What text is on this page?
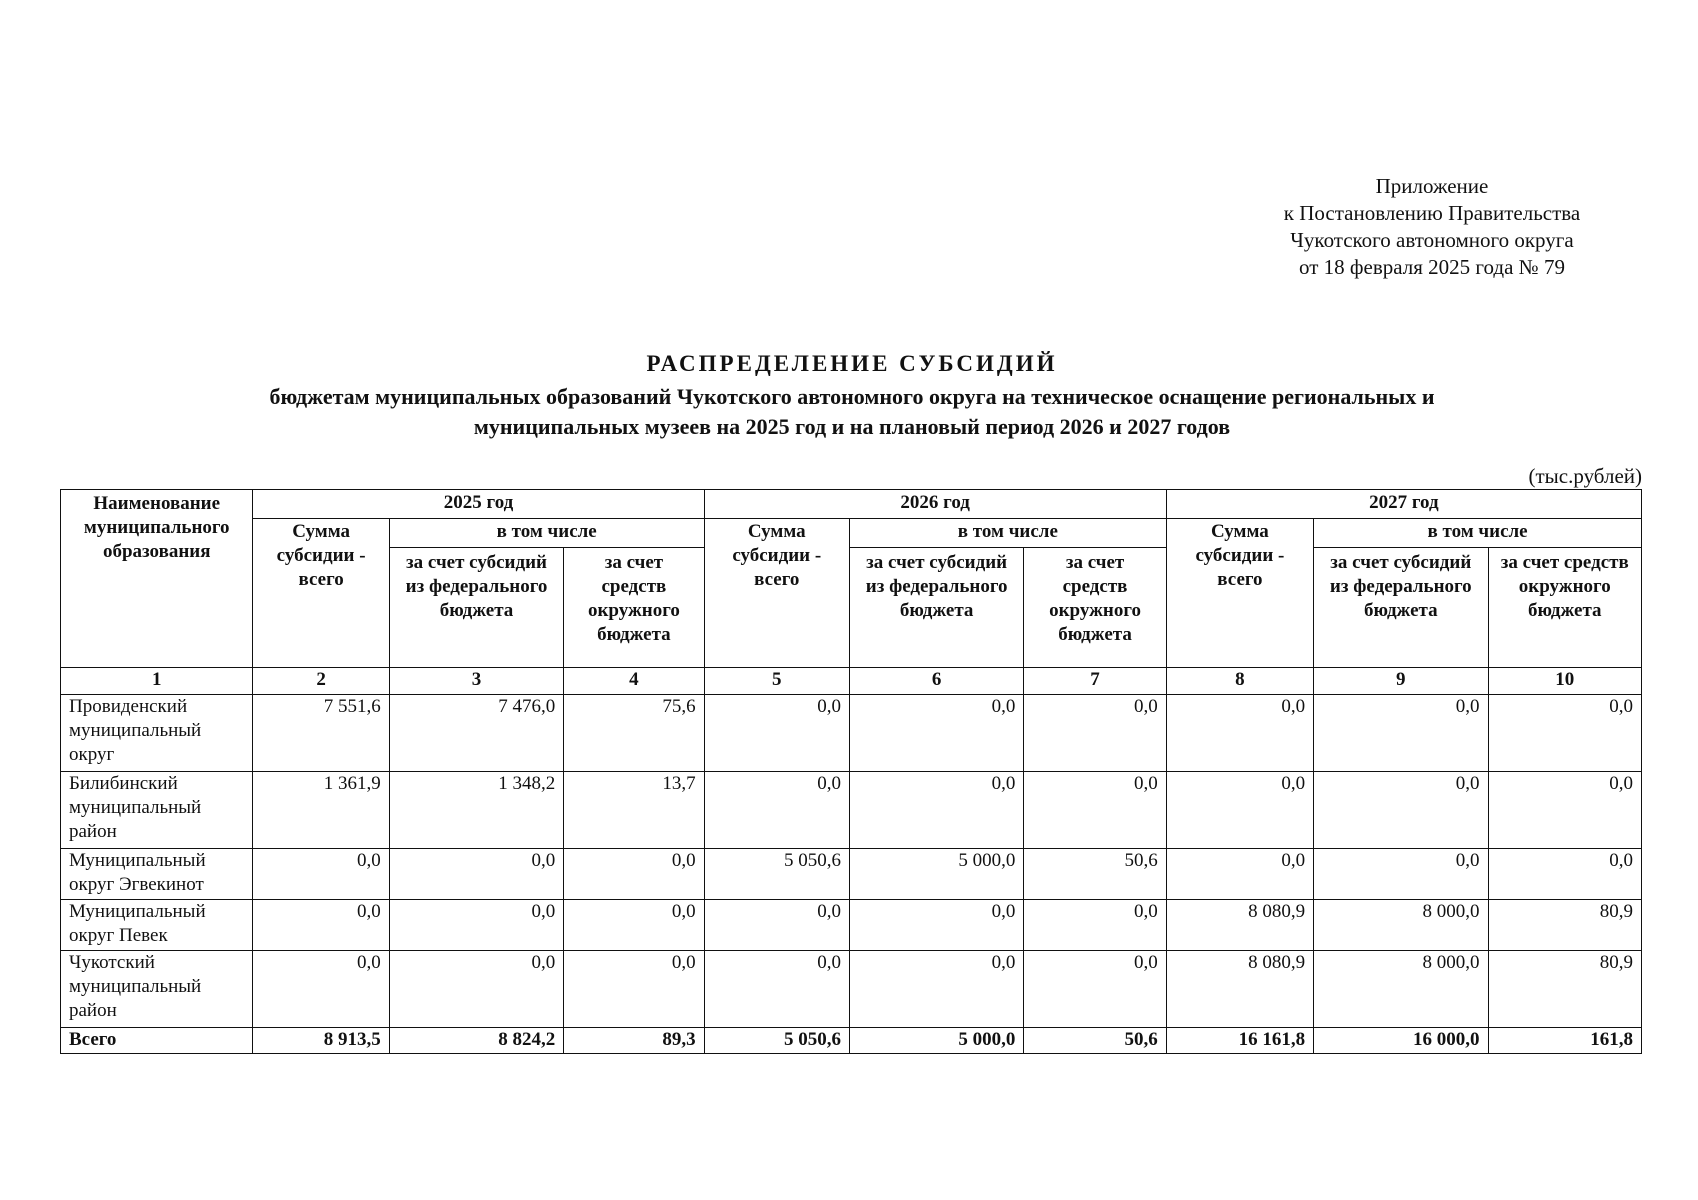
Приложение
к Постановлению Правительства
Чукотского автономного округа
от 18 февраля 2025 года № 79
РАСПРЕДЕЛЕНИЕ СУБСИДИЙ
бюджетам муниципальных образований Чукотского автономного округа на техническое оснащение региональных и
муниципальных музеев на 2025 год и на плановый период 2026 и 2027 годов
(тыс.рублей)
Наименование муниципального образования	2025 год			2026 год			2027 год		
	Сумма субсидии - всего	в том числе		Сумма субсидии - всего	в том числе		Сумма субсидии - всего	в том числе	
		за счет субсидий из федерального бюджета	за счет средств окружного бюджета		за счет субсидий из федерального бюджета	за счет средств окружного бюджета		за счет субсидий из федерального бюджета	за счет средств окружного бюджета
1	2	3	4	5	6	7	8	9	10
Провиденский муниципальный округ	7 551,6	7 476,0	75,6	0,0	0,0	0,0	0,0	0,0	0,0
Билибинский муниципальный район	1 361,9	1 348,2	13,7	0,0	0,0	0,0	0,0	0,0	0,0
Муниципальный округ Эгвекинот	0,0	0,0	0,0	5 050,6	5 000,0	50,6	0,0	0,0	0,0
Муниципальный округ Певек	0,0	0,0	0,0	0,0	0,0	0,0	8 080,9	8 000,0	80,9
Чукотский муниципальный район	0,0	0,0	0,0	0,0	0,0	0,0	8 080,9	8 000,0	80,9
Всего	8 913,5	8 824,2	89,3	5 050,6	5 000,0	50,6	16 161,8	16 000,0	161,8
